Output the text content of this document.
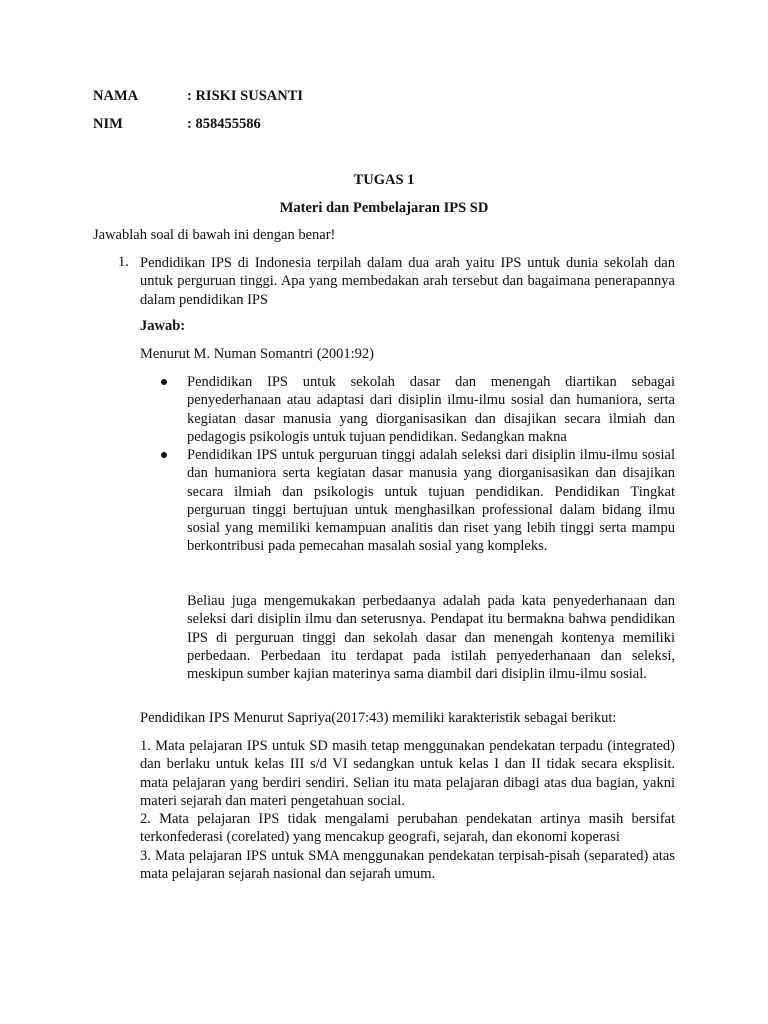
NAMA	: RISKI SUSANTI
NIM	: 858455586
TUGAS 1
Materi dan Pembelajaran IPS SD
Jawablah soal di bawah ini dengan benar!
1. Pendidikan IPS di Indonesia terpilah dalam dua arah yaitu IPS untuk dunia sekolah dan untuk perguruan tinggi. Apa yang membedakan arah tersebut dan bagaimana penerapannya dalam pendidikan IPS
Jawab:
Menurut M. Numan Somantri (2001:92)
Pendidikan IPS untuk sekolah dasar dan menengah diartikan sebagai penyederhanaan atau adaptasi dari disiplin ilmu-ilmu sosial dan humaniora, serta kegiatan dasar manusia yang diorganisasikan dan disajikan secara ilmiah dan pedagogis psikologis untuk tujuan pendidikan. Sedangkan makna
Pendidikan IPS untuk perguruan tinggi adalah seleksi dari disiplin ilmu-ilmu sosial dan humaniora serta kegiatan dasar manusia yang diorganisasikan dan disajikan secara ilmiah dan psikologis untuk tujuan pendidikan. Pendidikan Tingkat perguruan tinggi bertujuan untuk menghasilkan professional dalam bidang ilmu sosial yang memiliki kemampuan analitis dan riset yang lebih tinggi serta mampu berkontribusi pada pemecahan masalah sosial yang kompleks.
Beliau juga mengemukakan perbedaanya adalah pada kata penyederhanaan dan seleksi dari disiplin ilmu dan seterusnya. Pendapat itu bermakna bahwa pendidikan IPS di perguruan tinggi dan sekolah dasar dan menengah kontenya memiliki perbedaan. Perbedaan itu terdapat pada istilah penyederhanaan dan seleksi, meskipun sumber kajian materinya sama diambil dari disiplin ilmu-ilmu sosial.
Pendidikan IPS Menurut Sapriya(2017:43) memiliki karakteristik sebagai berikut:
1. Mata pelajaran IPS untuk SD masih tetap menggunakan pendekatan terpadu (integrated) dan berlaku untuk kelas III s/d VI sedangkan untuk kelas I dan II tidak secara eksplisit. mata pelajaran yang berdiri sendiri. Selian itu mata pelajaran dibagi atas dua bagian, yakni materi sejarah dan materi pengetahuan social.
2. Mata pelajaran IPS tidak mengalami perubahan pendekatan artinya masih bersifat terkonfederasi (corelated) yang mencakup geografi, sejarah, dan ekonomi koperasi
3. Mata pelajaran IPS untuk SMA menggunakan pendekatan terpisah-pisah (separated) atas mata pelajaran sejarah nasional dan sejarah umum.
